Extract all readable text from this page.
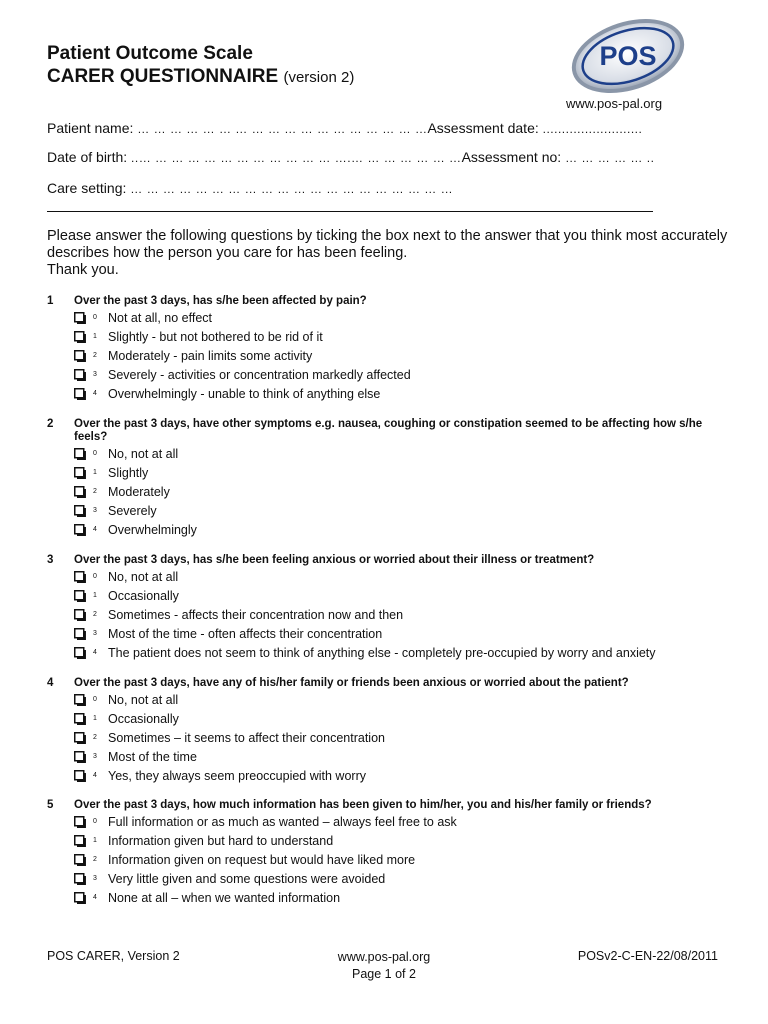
Patient Outcome Scale
CARER QUESTIONNAIRE (version 2)
POS
www.pos-pal.org
Patient name: … … … … … … … … … … … … … … … … … …Assessment date: ..........................
Date of birth: ..… … … … … … … … … … … … ….… … … … … … …Assessment no: … … … … … ..
Care setting: … … … … … … … … … … … … … … … … … … … …

Please answer the following questions by ticking the box next to the answer that you think most accurately describes how the person you care for has been feeling.

Thank you.

1	Over the past 3 days, has s/he been affected by pain?
0 Not at all, no effect
1 Slightly - but not bothered to be rid of it
2 Moderately - pain limits some activity
3 Severely - activities or concentration markedly affected
4 Overwhelmingly - unable to think of anything else
2	Over the past 3 days, have other symptoms e.g. nausea, coughing or constipation seemed to be affecting how s/he feels?
0 No, not at all
1 Slightly
2 Moderately
3 Severely
4 Overwhelmingly
3	Over the past 3 days, has s/he been feeling anxious or worried about their illness or treatment?
0 No, not at all
1 Occasionally
2 Sometimes - affects their concentration now and then
3 Most of the time - often affects their concentration
4 The patient does not seem to think of anything else - completely pre-occupied by worry and anxiety
4	Over the past 3 days, have any of his/her family or friends been anxious or worried about the patient?
0 No, not at all
1 Occasionally
2 Sometimes – it seems to affect their concentration
3 Most of the time
4 Yes, they always seem preoccupied with worry
5	Over the past 3 days, how much information has been given to him/her, you and his/her family or friends?
0 Full information or as much as wanted – always feel free to ask
1 Information given but hard to understand
2 Information given on request but would have liked more
3 Very little given and some questions were avoided
4 None at all – when we wanted information
POS CARER, Version 2	www.pos-pal.org
Page 1 of 2
POSv2-C-EN-22/08/2011
